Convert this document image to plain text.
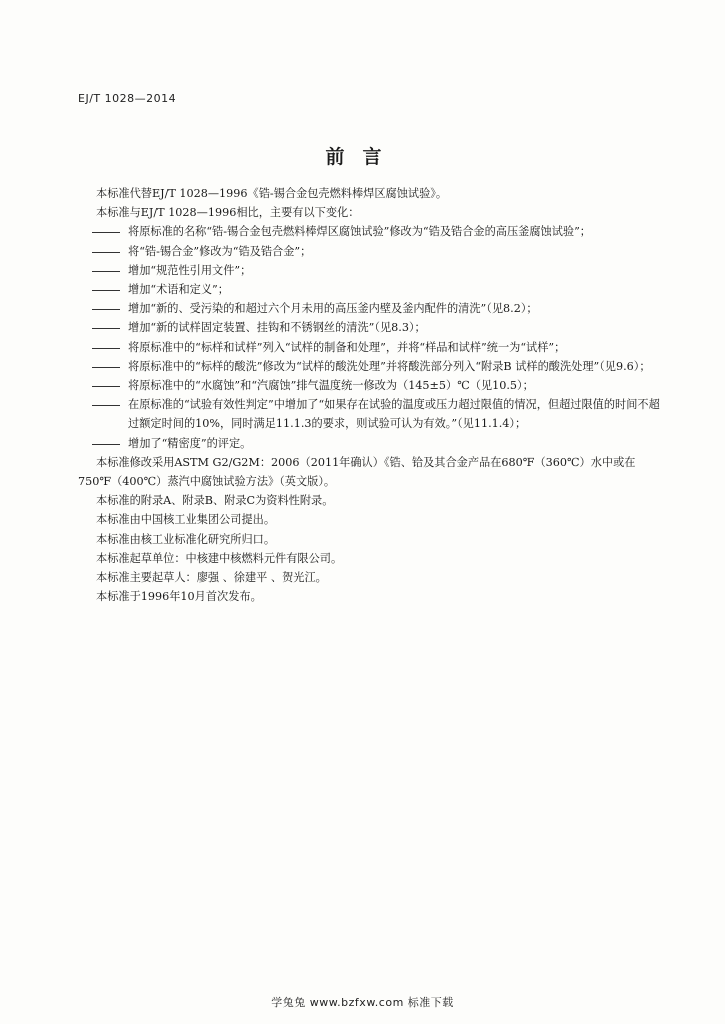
EJ/T 1028—2014
前言

本标准代替EJ/T 1028—1996《锆-锡合金包壳燃料棒焊区腐蚀试验》。

本标准与EJ/T 1028—1996相比，主要有以下变化：

将原标准的名称“锆-锡合金包壳燃料棒焊区腐蚀试验”修改为“锆及锆合金的高压釜腐蚀试验”；
将“锆-锡合金”修改为“锆及锆合金”；
增加“规范性引用文件”；
增加“术语和定义”；
增加“新的、受污染的和超过六个月未用的高压釜内壁及釜内配件的清洗”（见8.2）；
增加“新的试样固定装置、挂钩和不锈钢丝的清洗”（见8.3）；
将原标准中的“标样和试样”列入“试样的制备和处理”，并将“样品和试样”统一为“试样”；
将原标准中的“标样的酸洗”修改为“试样的酸洗处理”并将酸洗部分列入“附录B 试样的酸洗处理”（见9.6）；
将原标准中的“水腐蚀”和“汽腐蚀”排气温度统一修改为（145±5）℃（见10.5）；
在原标准的“试验有效性判定”中增加了“如果存在试验的温度或压力超过限值的情况，但超过限值的时间不超过额定时间的10%，同时满足11.1.3的要求，则试验可认为有效。”（见11.1.4）；
增加了“精密度”的评定。

本标准修改采用ASTM G2/G2M：2006（2011年确认）《锆、铪及其合金产品在680℉（360℃）水中或在750℉（400℃）蒸汽中腐蚀试验方法》（英文版）。

本标准的附录A、附录B、附录C为资料性附录。

本标准由中国核工业集团公司提出。

本标准由核工业标准化研究所归口。

本标准起草单位：中核建中核燃料元件有限公司。

本标准主要起草人：廖强 、徐建平 、贺光江。

本标准于1996年10月首次发布。

学兔兔 www.bzfxw.com 标准下载
